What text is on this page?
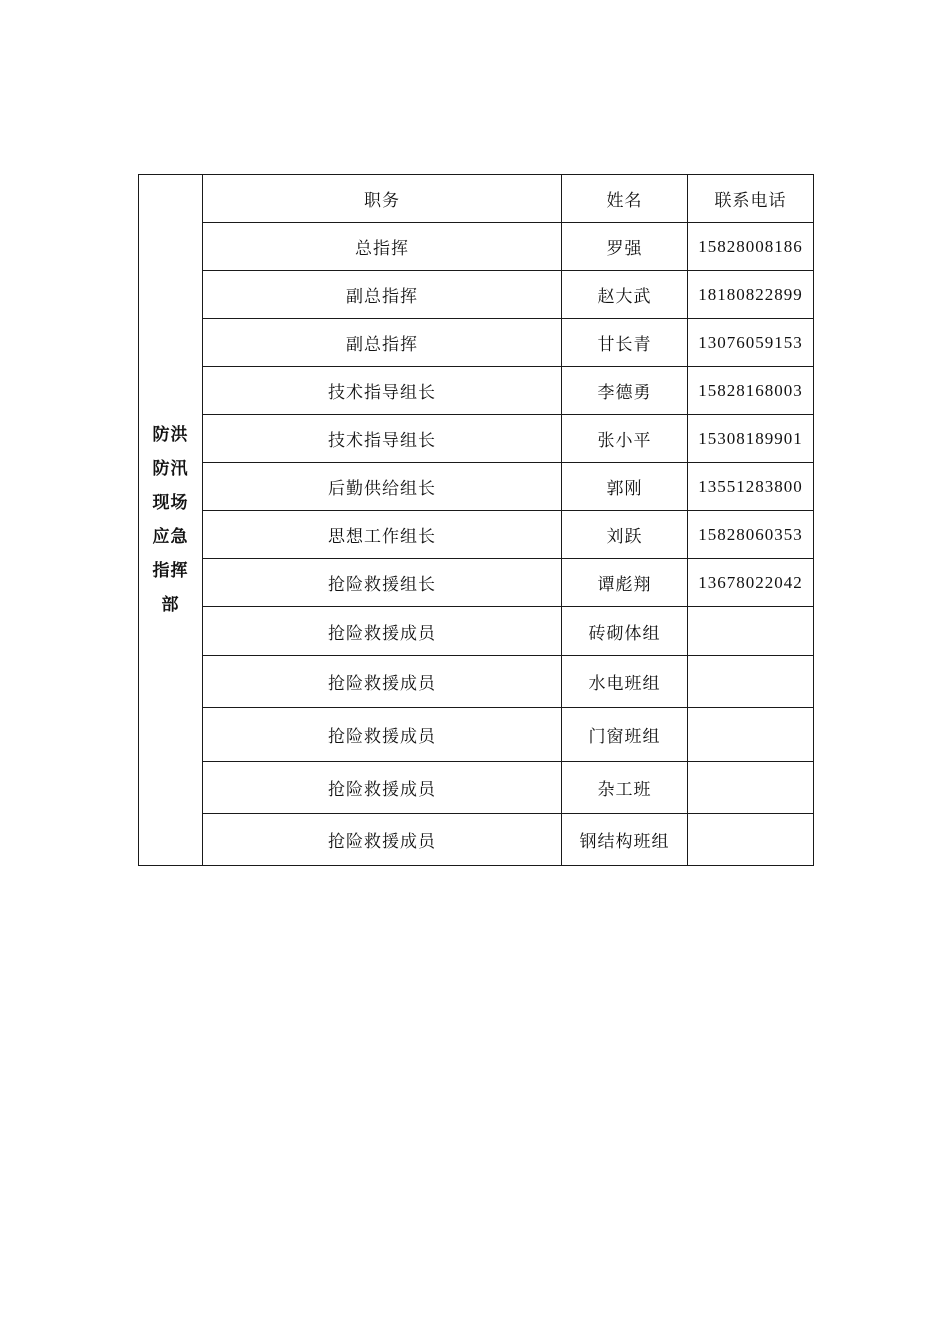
防洪防汛现场应急指挥部	职务	姓名	联系电话
	总指挥	罗强	15828008186
	副总指挥	赵大武	18180822899
	副总指挥	甘长青	13076059153
	技术指导组长	李德勇	15828168003
	技术指导组长	张小平	15308189901
	后勤供给组长	郭刚	13551283800
	思想工作组长	刘跃	15828060353
	抢险救援组长	谭彪翔	13678022042
	抢险救援成员	砖砌体组	
	抢险救援成员	水电班组	
	抢险救援成员	门窗班组	
	抢险救援成员	杂工班	
	抢险救援成员	钢结构班组	
